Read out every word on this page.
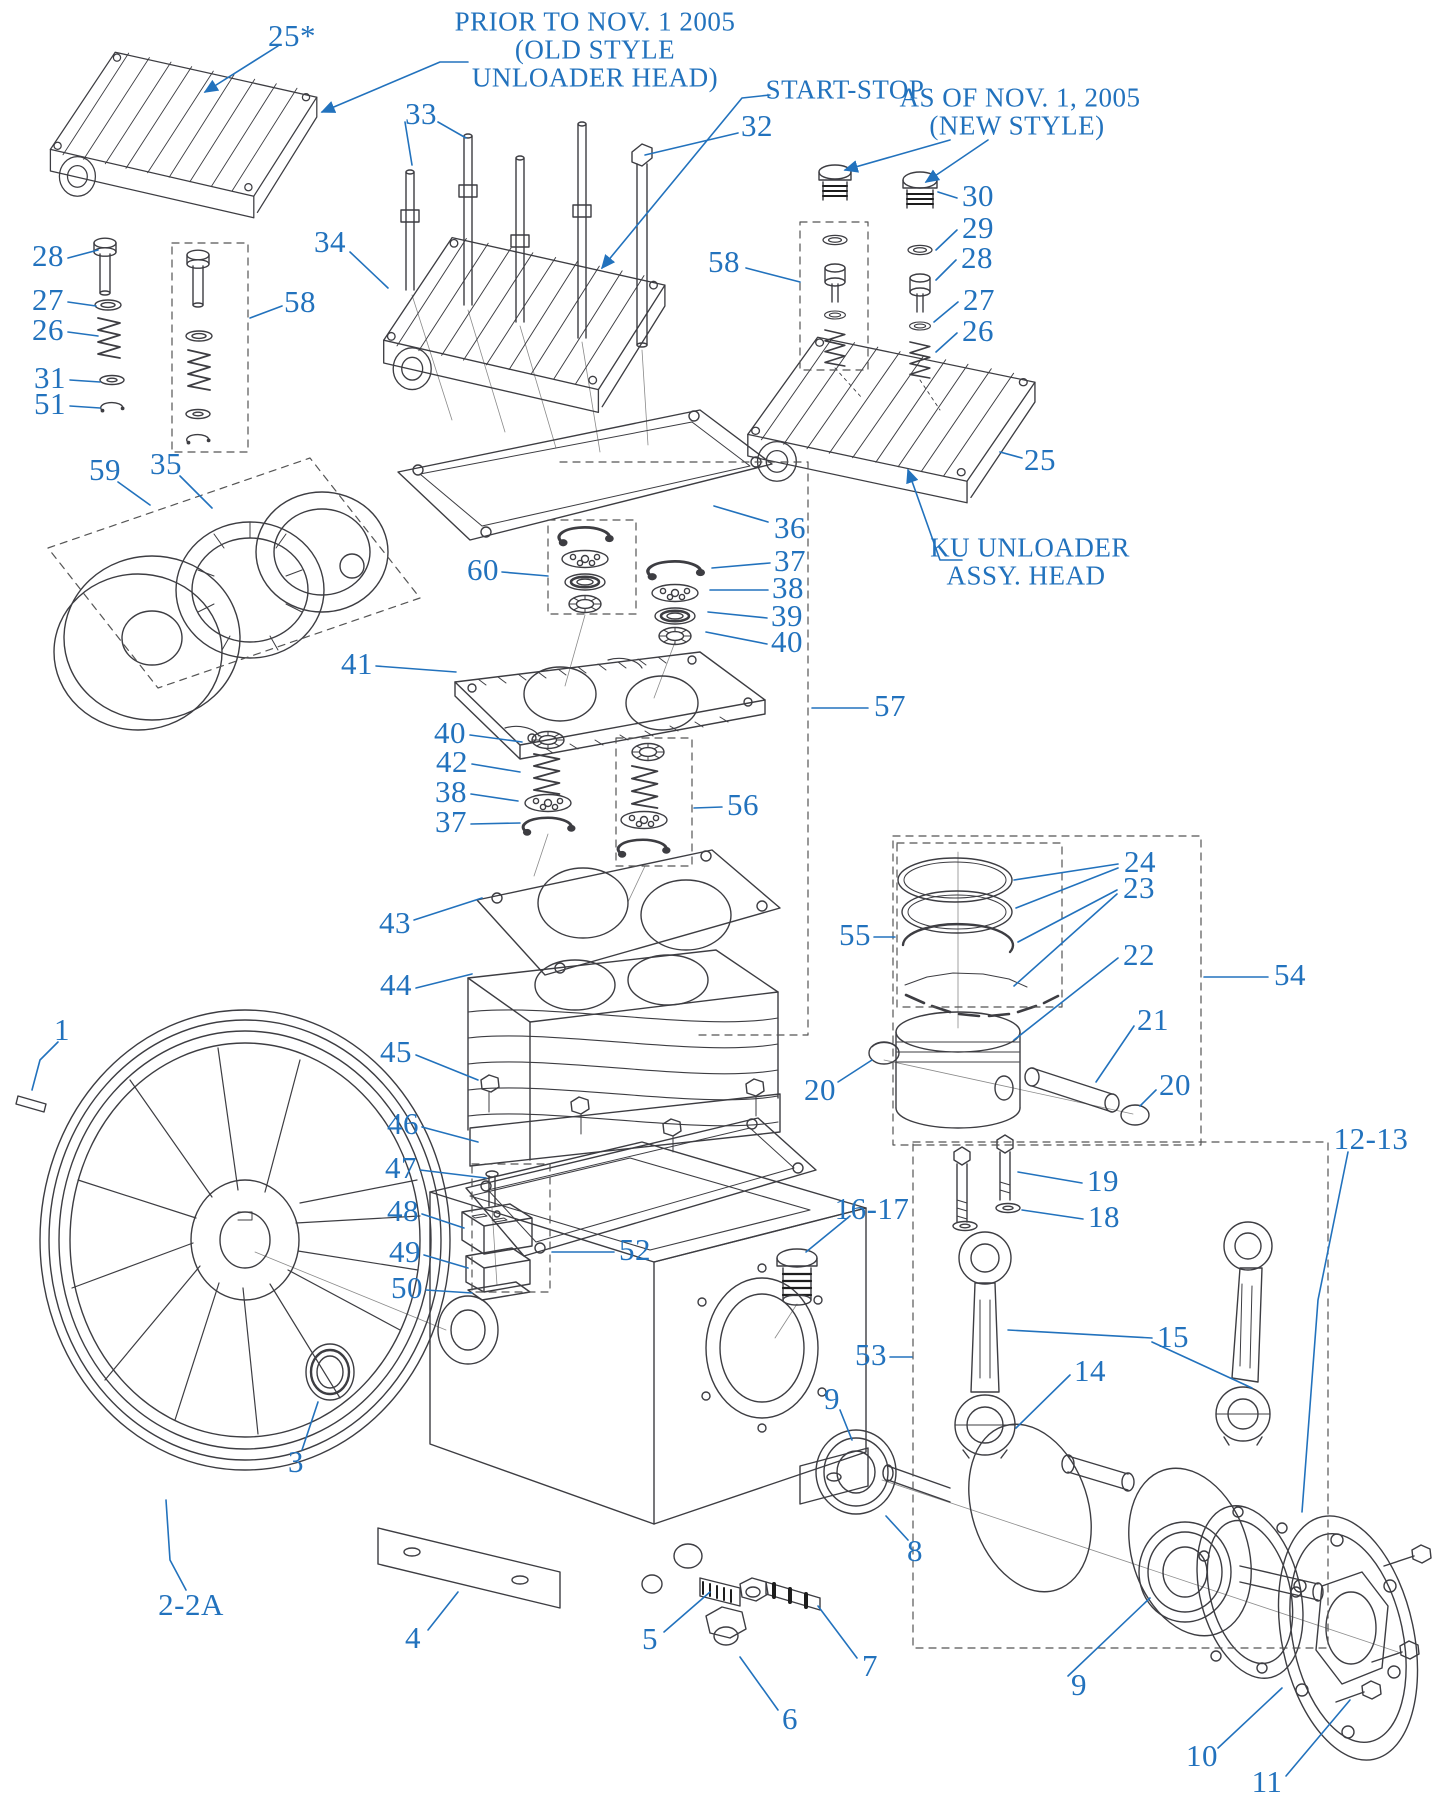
PRIOR TO NOV. 1 2005
(OLD STYLE
UNLOADER HEAD)
25*
START-STOP
33	32
AS OF NOV. 1, 2005
(NEW STYLE)
30
29
28
27
26
58
28
27
26
31
51
58
59 35
34
25
KU UNLOADER
ASSY. HEAD
36
60	37
38
39
40
41
57
40
42
38
37	56
43
44
45
46
47
48
49
50
52
55
24
23
22
54
21
20	20
19
18
16-17
53
15
14
9
12-13
1
3
8
2-2A
4	5
7
6
9
10
11
